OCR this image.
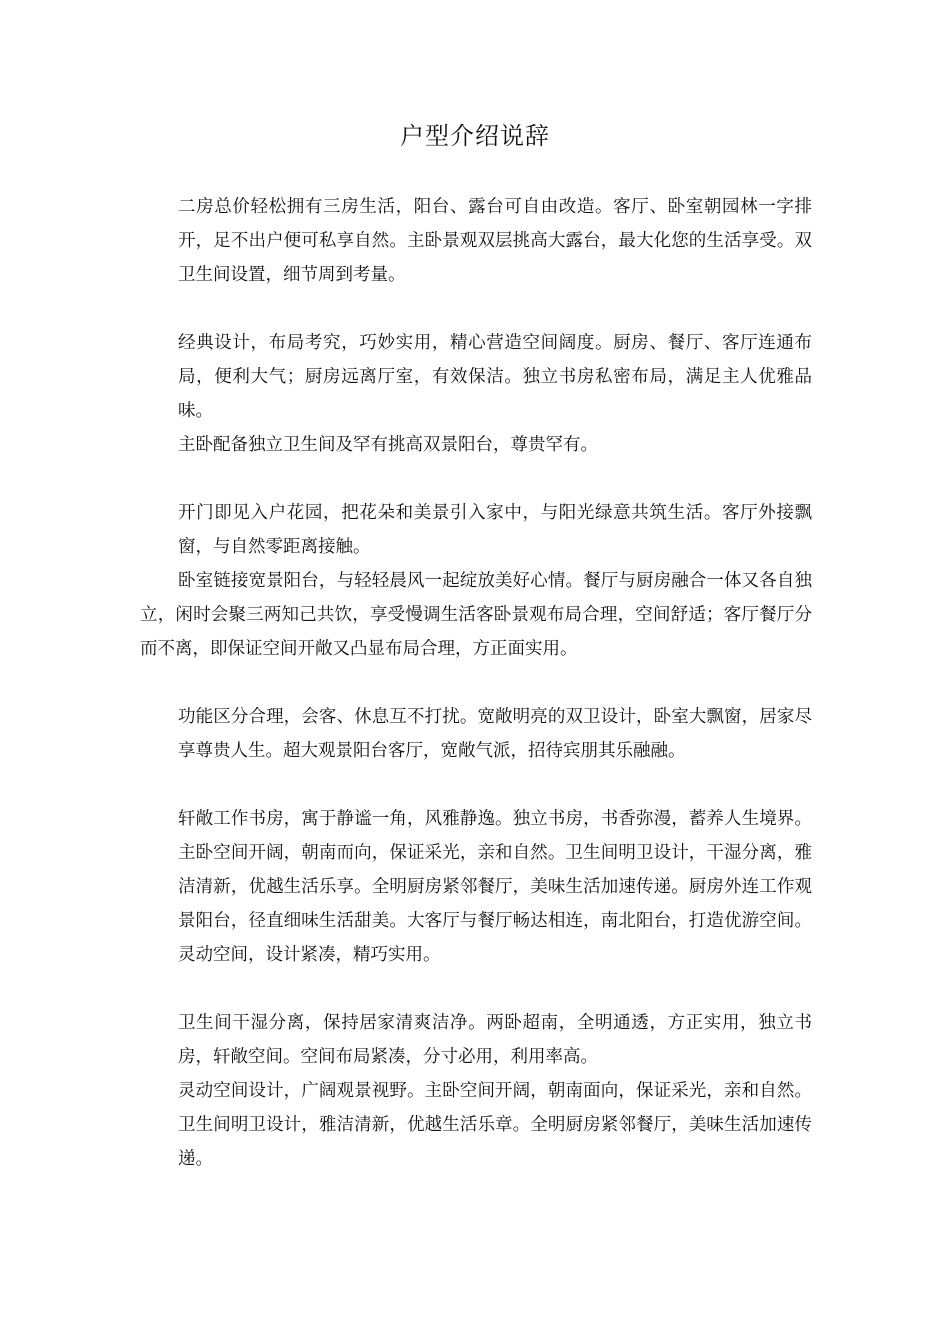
户型介绍说辞

二房总价轻松拥有三房生活，阳台、露台可自由改造。客厅、卧室朝园林一字排开，足不出户便可私享自然。主卧景观双层挑高大露台，最大化您的生活享受。双卫生间设置，细节周到考量。

经典设计，布局考究，巧妙实用，精心营造空间阔度。厨房、餐厅、客厅连通布局，便利大气；厨房远离厅室，有效保洁。独立书房私密布局，满足主人优雅品味。

主卧配备独立卫生间及罕有挑高双景阳台，尊贵罕有。

开门即见入户花园，把花朵和美景引入家中，与阳光绿意共筑生活。客厅外接飘窗，与自然零距离接触。

卧室链接宽景阳台，与轻轻晨风一起绽放美好心情。餐厅与厨房融合一体又各自独立，闲时会聚三两知己共饮，享受慢调生活客卧景观布局合理，空间舒适；客厅餐厅分而不离，即保证空间开敞又凸显布局合理，方正面实用。

功能区分合理，会客、休息互不打扰。宽敞明亮的双卫设计，卧室大飘窗，居家尽享尊贵人生。超大观景阳台客厅，宽敞气派，招待宾朋其乐融融。

轩敞工作书房，寓于静谧一角，风雅静逸。独立书房，书香弥漫，蓄养人生境界。主卧空间开阔，朝南而向，保证采光，亲和自然。卫生间明卫设计，干湿分离，雅洁清新，优越生活乐享。全明厨房紧邻餐厅，美味生活加速传递。厨房外连工作观景阳台，径直细味生活甜美。大客厅与餐厅畅达相连，南北阳台，打造优游空间。灵动空间，设计紧凑，精巧实用。

卫生间干湿分离，保持居家清爽洁净。两卧超南，全明通透，方正实用，独立书房，轩敞空间。空间布局紧凑，分寸必用，利用率高。

灵动空间设计，广阔观景视野。主卧空间开阔，朝南面向，保证采光，亲和自然。卫生间明卫设计，雅洁清新，优越生活乐章。全明厨房紧邻餐厅，美味生活加速传递。
